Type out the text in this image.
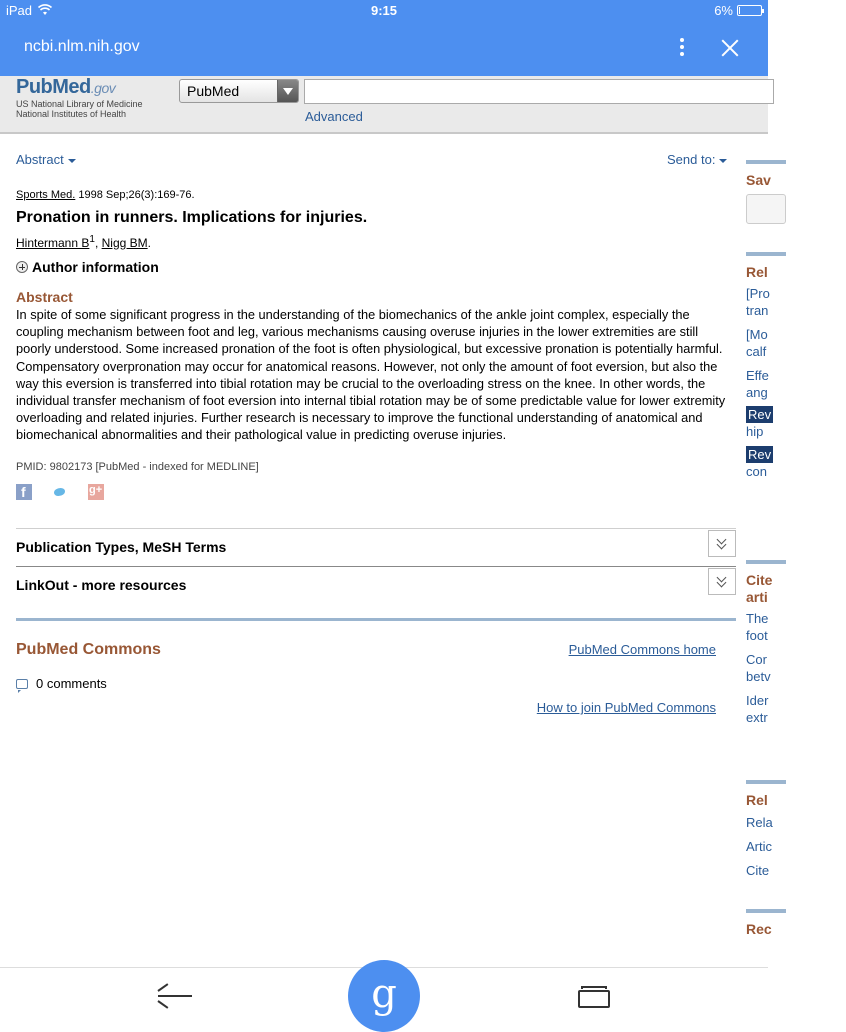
iPad	9:15	6%
ncbi.nlm.nih.gov
PubMed.gov
US National Library of Medicine
National Institutes of Health
PubMed
Advanced
Abstract	Send to:
Sports Med. 1998 Sep;26(3):169-76.
Pronation in runners. Implications for injuries.
Hintermann $B^1$, Nigg BM.
Author information
Abstract
In spite of some significant progress in the understanding of the biomechanics of the ankle joint complex, especially the coupling mechanism between foot and leg, various mechanisms causing overuse injuries in the lower extremities are still poorly understood. Some increased pronation of the foot is often physiological, but excessive pronation is potentially harmful. Compensatory overpronation may occur for anatomical reasons. However, not only the amount of foot eversion, but also the way this eversion is transferred into tibial rotation may be crucial to the overloading stress on the knee. In other words, the individual transfer mechanism of foot eversion into internal tibial rotation may be of some predictable value for lower extremity overloading and related injuries. Further research is necessary to improve the functional understanding of anatomical and biomechanical abnormalities and their pathological value in predicting overuse injuries.
PMID: 9802173 [PubMed - indexed for MEDLINE]
f
g+
Publication Types, MeSH Terms
LinkOut - more resources
PubMed Commons	PubMed Commons home
0 comments
How to join PubMed Commons
Sav
Rel
[Pro
tran
[Mo
calf
Effe
ang
Rev
hip
Rev
con
Cite
arti
The
foot
Cor
betv
Ider
extr
Rel
Rela
Artic
Cite
Rec
g
